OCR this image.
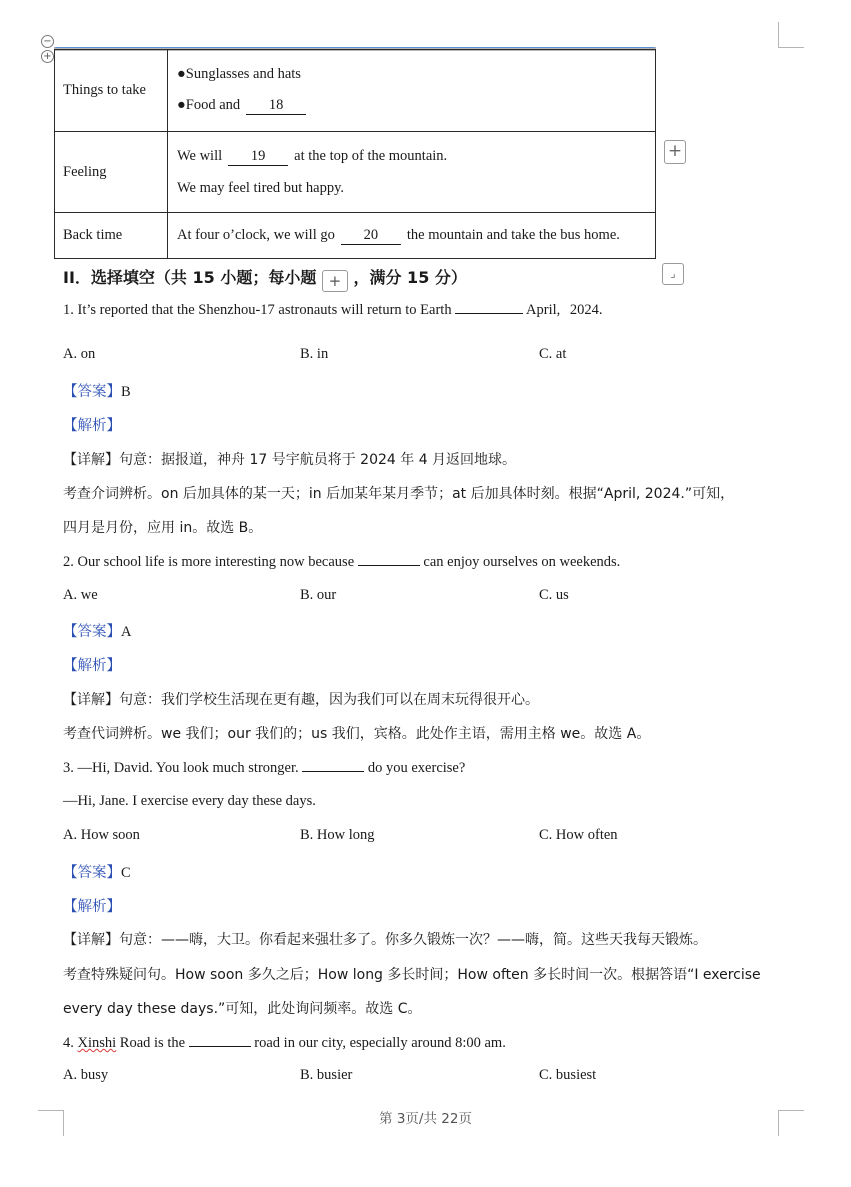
−
+
+
Things to take	●Sunglasses and hats
●Food and 18

Feeling	We will 19 at the top of the mountain.
We may feel tired but happy.

Back time	At four o’clock, we will go 20 the mountain and take the bus home.
II．选择填空（共 15 小题；每小题 + ，满分 15 分）	⌟
1. It’s reported that the Shenzhou-17 astronauts will return to Earth	April, 2024.
A. on	B. in	C. at
【答案】B
【解析】
【详解】句意：据报道，神舟 17 号宇航员将于 2024 年 4 月返回地球。
考查介词辨析。on 后加具体的某一天；in 后加某年某月季节；at 后加具体时刻。根据“April, 2024.”可知，
四月是月份，应用 in。故选 B。
2. Our school life is more interesting now because	can enjoy ourselves on weekends.
A. we	B. our	C. us
【答案】A
【解析】
【详解】句意：我们学校生活现在更有趣，因为我们可以在周末玩得很开心。
考查代词辨析。we 我们；our 我们的；us 我们，宾格。此处作主语，需用主格 we。故选 A。
3. —Hi, David. You look much stronger.	do you exercise?
—Hi, Jane. I exercise every day these days.
A. How soon	B. How long	C. How often
【答案】C
【解析】
【详解】句意：——嗨，大卫。你看起来强壮多了。你多久锻炼一次？——嗨，简。这些天我每天锻炼。
考查特殊疑问句。How soon 多久之后；How long 多长时间；How often 多长时间一次。根据答语“I exercise
every day these days.”可知，此处询问频率。故选 C。
4. Xinshi Road is the	road in our city, especially around 8:00 am.
A. busy	B. busier	C. busiest
第 3页/共 22页
